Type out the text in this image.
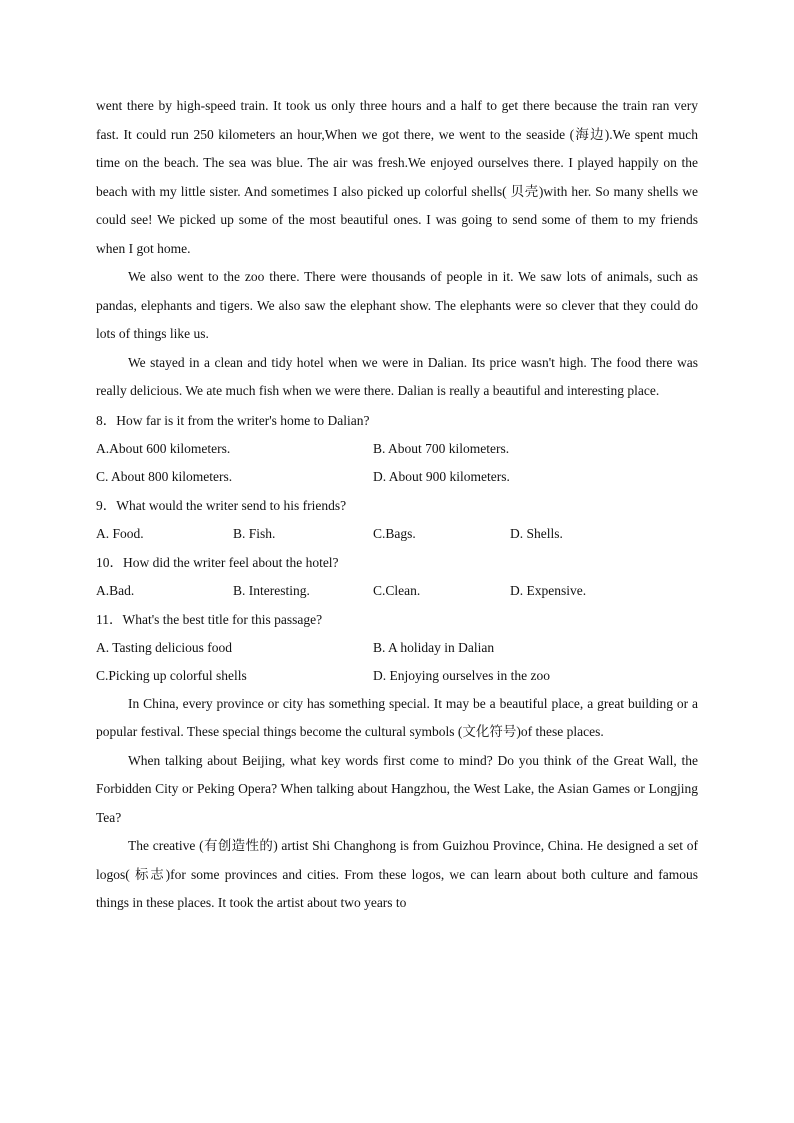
went there by high-speed train. It took us only three hours and a half to get there because the train ran very fast. It could run 250 kilometers an hour,When we got there, we went to the seaside (海边).We spent much time on the beach. The sea was blue. The air was fresh.We enjoyed ourselves there. I played happily on the beach with my little sister. And sometimes I also picked up colorful shells( 贝壳)with her. So many shells we could see! We picked up some of the most beautiful ones. I was going to send some of them to my friends when I got home.

We also went to the zoo there. There were thousands of people in it. We saw lots of animals, such as pandas, elephants and tigers. We also saw the elephant show. The elephants were so clever that they could do lots of things like us.

We stayed in a clean and tidy hotel when we were in Dalian. Its price wasn't high. The food there was really delicious. We ate much fish when we were there. Dalian is really a beautiful and interesting place.

8．How far is it from the writer's home to Dalian?

A.About 600 kilometers.	B. About 700 kilometers.
C. About 800 kilometers.	D. About 900 kilometers.

9．What would the writer send to his friends?

A. Food.	B. Fish.	C.Bags.	D. Shells.

10．How did the writer feel about the hotel?

A.Bad.	B. Interesting.	C.Clean.	D. Expensive.

11．What's the best title for this passage?

A. Tasting delicious food	B. A holiday in Dalian
C.Picking up colorful shells	D. Enjoying ourselves in the zoo

In China, every province or city has something special. It may be a beautiful place, a great building or a popular festival. These special things become the cultural symbols (文化符号)of these places.

When talking about Beijing, what key words first come to mind? Do you think of the Great Wall, the Forbidden City or Peking Opera? When talking about Hangzhou, the West Lake, the Asian Games or Longjing Tea?

The creative (有创造性的) artist Shi Changhong is from Guizhou Province, China. He designed a set of logos( 标志)for some provinces and cities. From these logos, we can learn about both culture and famous things in these places. It took the artist about two years to
